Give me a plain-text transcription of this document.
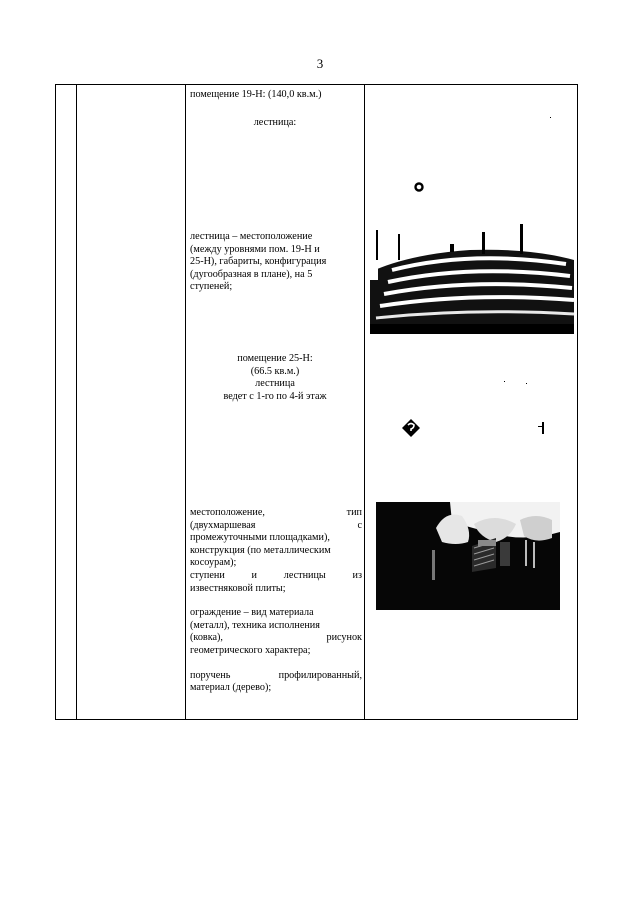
3
помещение 19-Н: (140,0 кв.м.)
лестница:
лестница – местоположение
(между уровнями пом. 19-Н и
25-Н), габариты, конфигурация
(дугообразная в плане), на 5
ступеней;
помещение 25-Н:
(66.5 кв.м.)
лестница
ведет с 1-го по 4-й этаж
местоположение,	тип
(двухмаршевая	с
промежуточными площадками),
конструкция (по металлическим
косоурам);
ступени	и	лестницы	из
известняковой плиты;
ограждение – вид материала
(металл), техника исполнения
(ковка),	рисунок
геометрического характера;
поручень	профилированный,
материал (дерево);
